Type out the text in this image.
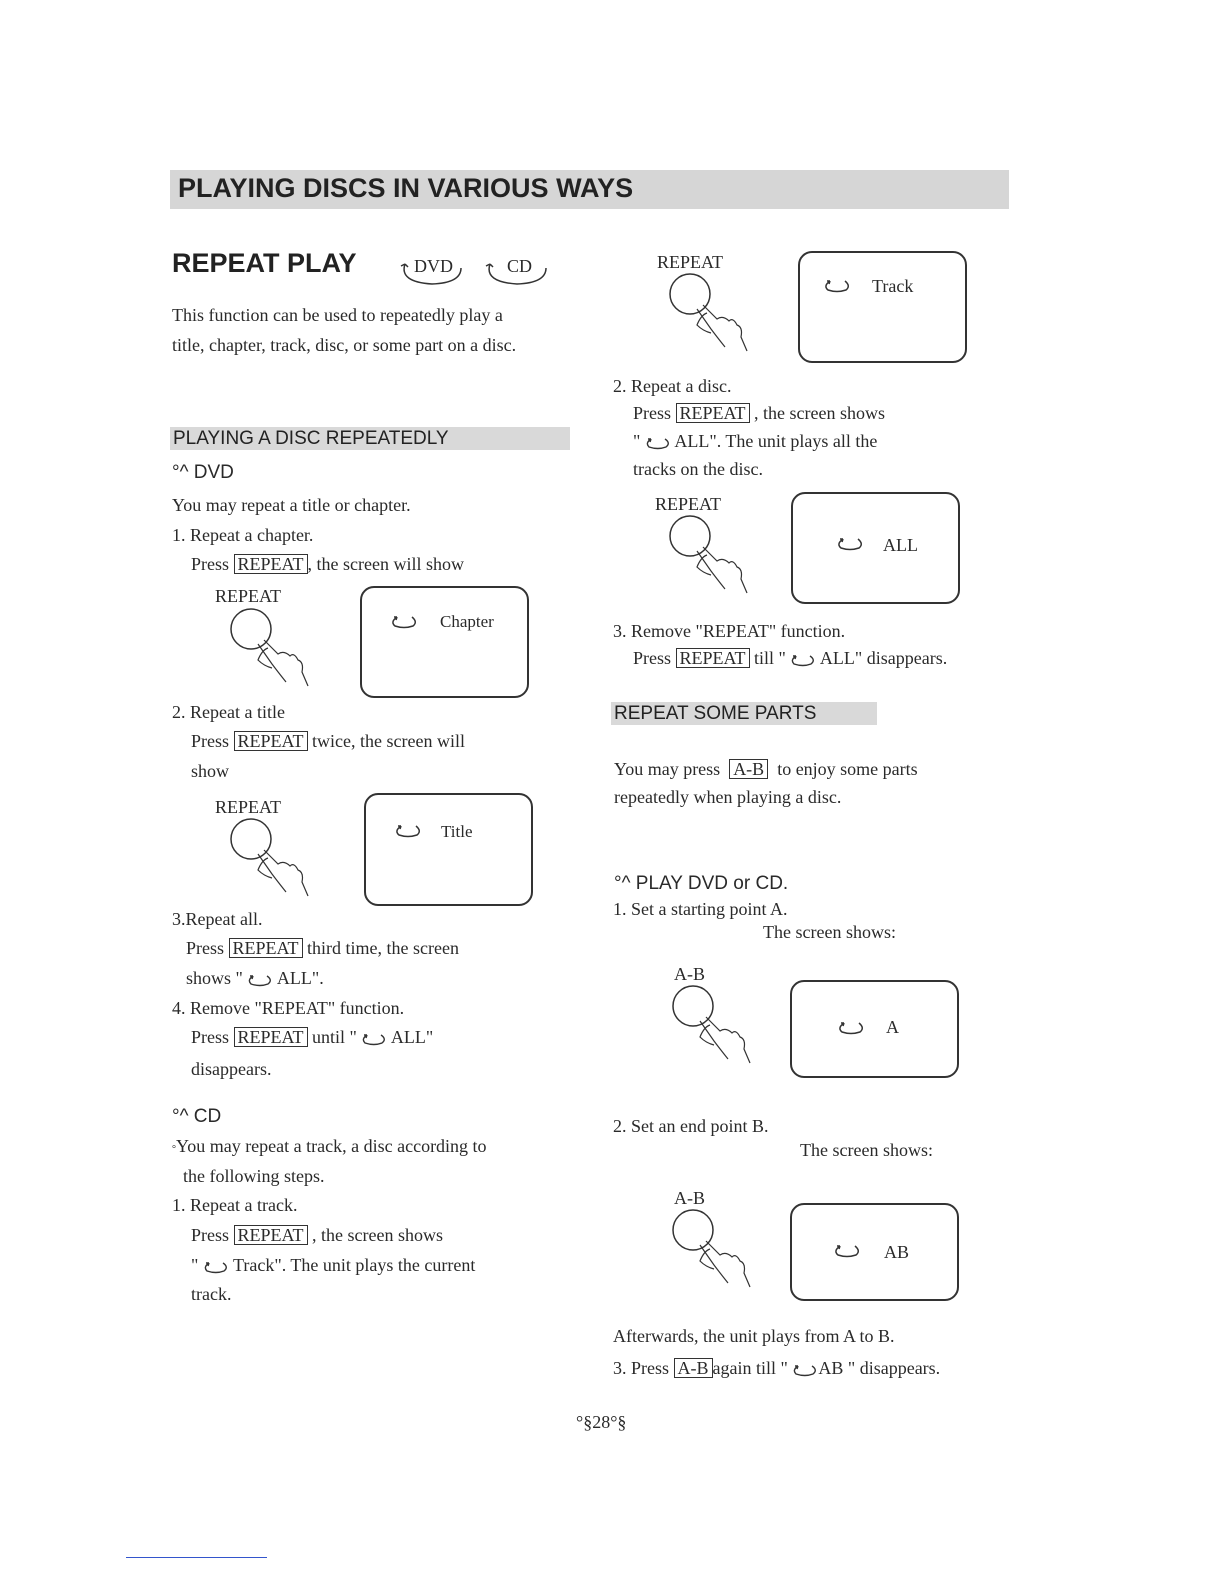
PLAYING DISCS IN VARIOUS WAYS
REPEAT PLAY	DVD	CD
This function can be used to repeatedly play a
title, chapter, track, disc, or some part on a disc.
PLAYING A DISC REPEATEDLY
°^ DVD
You may repeat a title or chapter.
1. Repeat a chapter.
Press REPEAT , the screen will show
REPEAT
Chapter
2. Repeat a title
Press REPEAT twice, the screen will
show
REPEAT
Title
3.Repeat all.
Press REPEAT third time, the screen
shows " ALL".
4. Remove "REPEAT" function.
Press REPEAT until " ALL"
disappears.
°^ CD
°You may repeat a track, a disc according to
the following steps.
1. Repeat a track.
Press REPEAT , the screen shows
" Track". The unit plays the current
track.
REPEAT
Track
2. Repeat a disc.
Press REPEAT , the screen shows
" ALL". The unit plays all the
tracks on the disc.
REPEAT
ALL
3. Remove "REPEAT" function.
Press REPEAT till " ALL" disappears.
REPEAT SOME PARTS
You may press A-B to enjoy some parts
repeatedly when playing a disc.
°^ PLAY DVD or CD.
1. Set a starting point A.
The screen shows:
A-B
A
2. Set an end point B.
The screen shows:
A-B
AB
Afterwards, the unit plays from A to B.
3. Press A-B again till " AB " disappears.
°§28°§
